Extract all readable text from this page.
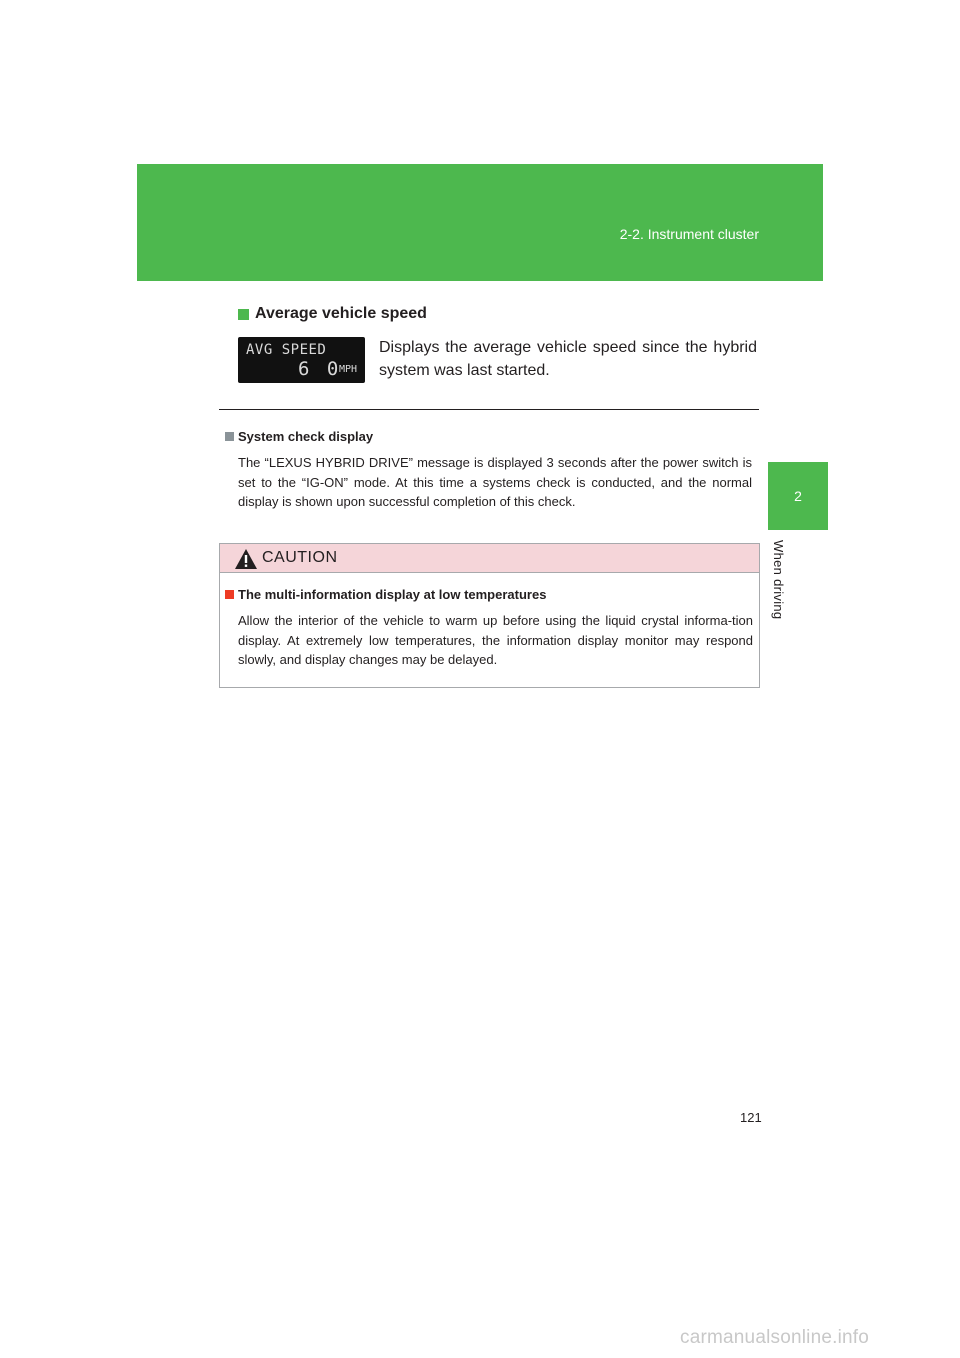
2-2. Instrument cluster
2
When driving
Average vehicle speed
AVG SPEED
6 0
MPH
Displays the average vehicle speed since the hybrid system was last started.
System check display
The “LEXUS HYBRID DRIVE” message is displayed 3 seconds after the power switch is set to the “IG-ON” mode. At this time a systems check is conducted, and the normal display is shown upon successful completion of this check.
CAUTION
The multi-information display at low temperatures
Allow the interior of the vehicle to warm up before using the liquid crystal informa-tion display. At extremely low temperatures, the information display monitor may respond slowly, and display changes may be delayed.
121
carmanualsonline.info
